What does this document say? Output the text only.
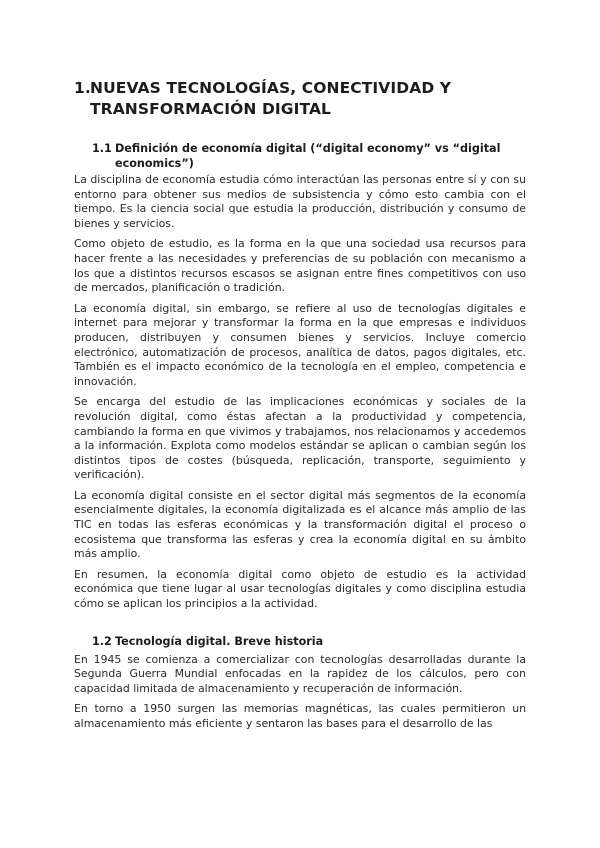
1. NUEVAS TECNOLOGÍAS, CONECTIVIDAD Y TRANSFORMACIÓN DIGITAL
1.1 Definición de economía digital (“digital economy” vs “digital economics”)

La disciplina de economía estudia cómo interactúan las personas entre sí y con su entorno para obtener sus medios de subsistencia y cómo esto cambia con el tiempo. Es la ciencia social que estudia la producción, distribución y consumo de bienes y servicios.

Como objeto de estudio, es la forma en la que una sociedad usa recursos para hacer frente a las necesidades y preferencias de su población con mecanismo a los que a distintos recursos escasos se asignan entre fines competitivos con uso de mercados, planificación o tradición.

La economía digital, sin embargo, se refiere al uso de tecnologías digitales e internet para mejorar y transformar la forma en la que empresas e individuos producen, distribuyen y consumen bienes y servicios. Incluye comercio electrónico, automatización de procesos, analítica de datos, pagos digitales, etc. También es el impacto económico de la tecnología en el empleo, competencia e innovación.

Se encarga del estudio de las implicaciones económicas y sociales de la revolución digital, como éstas afectan a la productividad y competencia, cambiando la forma en que vivimos y trabajamos, nos relacionamos y accedemos a la información. Explota como modelos estándar se aplican o cambian según los distintos tipos de costes (búsqueda, replicación, transporte, seguimiento y verificación).

La economía digital consiste en el sector digital más segmentos de la economía esencialmente digitales, la economía digitalizada es el alcance más amplio de las TIC en todas las esferas económicas y la transformación digital el proceso o ecosistema que transforma las esferas y crea la economía digital en su ámbito más amplio.

En resumen, la economía digital como objeto de estudio es la actividad económica que tiene lugar al usar tecnologías digitales y como disciplina estudia cómo se aplican los principios a la actividad.

1.2 Tecnología digital. Breve historia

En 1945 se comienza a comercializar con tecnologías desarrolladas durante la Segunda Guerra Mundial enfocadas en la rapidez de los cálculos, pero con capacidad limitada de almacenamiento y recuperación de información.

En torno a 1950 surgen las memorias magnéticas, las cuales permitieron un almacenamiento más eficiente y sentaron las bases para el desarrollo de las
